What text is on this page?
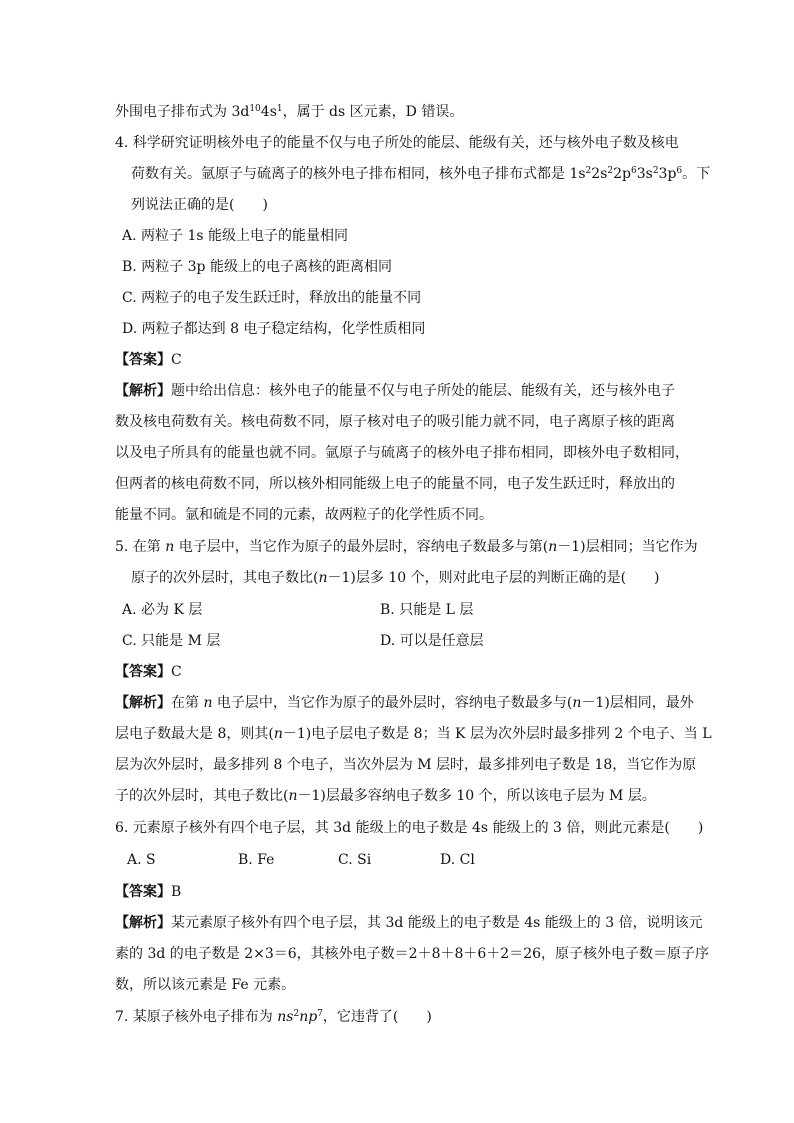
外围电子排布式为 $3d^{10}4s^1$，属于 ds 区元素，D 错误。
4. 科学研究证明核外电子的能量不仅与电子所处的能层、能级有关，还与核外电子数及核电
荷数有关。氩原子与硫离子的核外电子排布相同，核外电子排布式都是 $1s^22s^22p^63s^23p^6$。下
列说法正确的是(　　)
A. 两粒子 1s 能级上电子的能量相同
B. 两粒子 3p 能级上的电子离核的距离相同
C. 两粒子的电子发生跃迁时，释放出的能量不同
D. 两粒子都达到 8 电子稳定结构，化学性质相同
【答案】C
【解析】题中给出信息：核外电子的能量不仅与电子所处的能层、能级有关，还与核外电子
数及核电荷数有关。核电荷数不同，原子核对电子的吸引能力就不同，电子离原子核的距离
以及电子所具有的能量也就不同。氩原子与硫离子的核外电子排布相同，即核外电子数相同，
但两者的核电荷数不同，所以核外相同能级上电子的能量不同，电子发生跃迁时，释放出的
能量不同。氩和硫是不同的元素，故两粒子的化学性质不同。
5. 在第 n 电子层中，当它作为原子的最外层时，容纳电子数最多与第(n－1)层相同；当它作为
原子的次外层时，其电子数比(n－1)层多 10 个，则对此电子层的判断正确的是(　　)
A. 必为 K 层	B. 只能是 L 层
C. 只能是 M 层	D. 可以是任意层
【答案】C
【解析】在第 n 电子层中，当它作为原子的最外层时，容纳电子数最多与(n－1)层相同，最外
层电子数最大是 8，则其(n－1)电子层电子数是 8；当 K 层为次外层时最多排列 2 个电子、当 L
层为次外层时，最多排列 8 个电子，当次外层为 M 层时，最多排列电子数是 18，当它作为原
子的次外层时，其电子数比(n－1)层最多容纳电子数多 10 个，所以该电子层为 M 层。
6. 元素原子核外有四个电子层，其 3d 能级上的电子数是 4s 能级上的 3 倍，则此元素是(　　)
A. S	B. Fe	C. Si	D. Cl
【答案】B
【解析】某元素原子核外有四个电子层，其 3d 能级上的电子数是 4s 能级上的 3 倍，说明该元
素的 3d 的电子数是 2×3＝6，其核外电子数＝2＋8＋8＋6＋2＝26，原子核外电子数＝原子序
数，所以该元素是 Fe 元素。
7. 某原子核外电子排布为 $ns^2np^7$，它违背了(　　)
